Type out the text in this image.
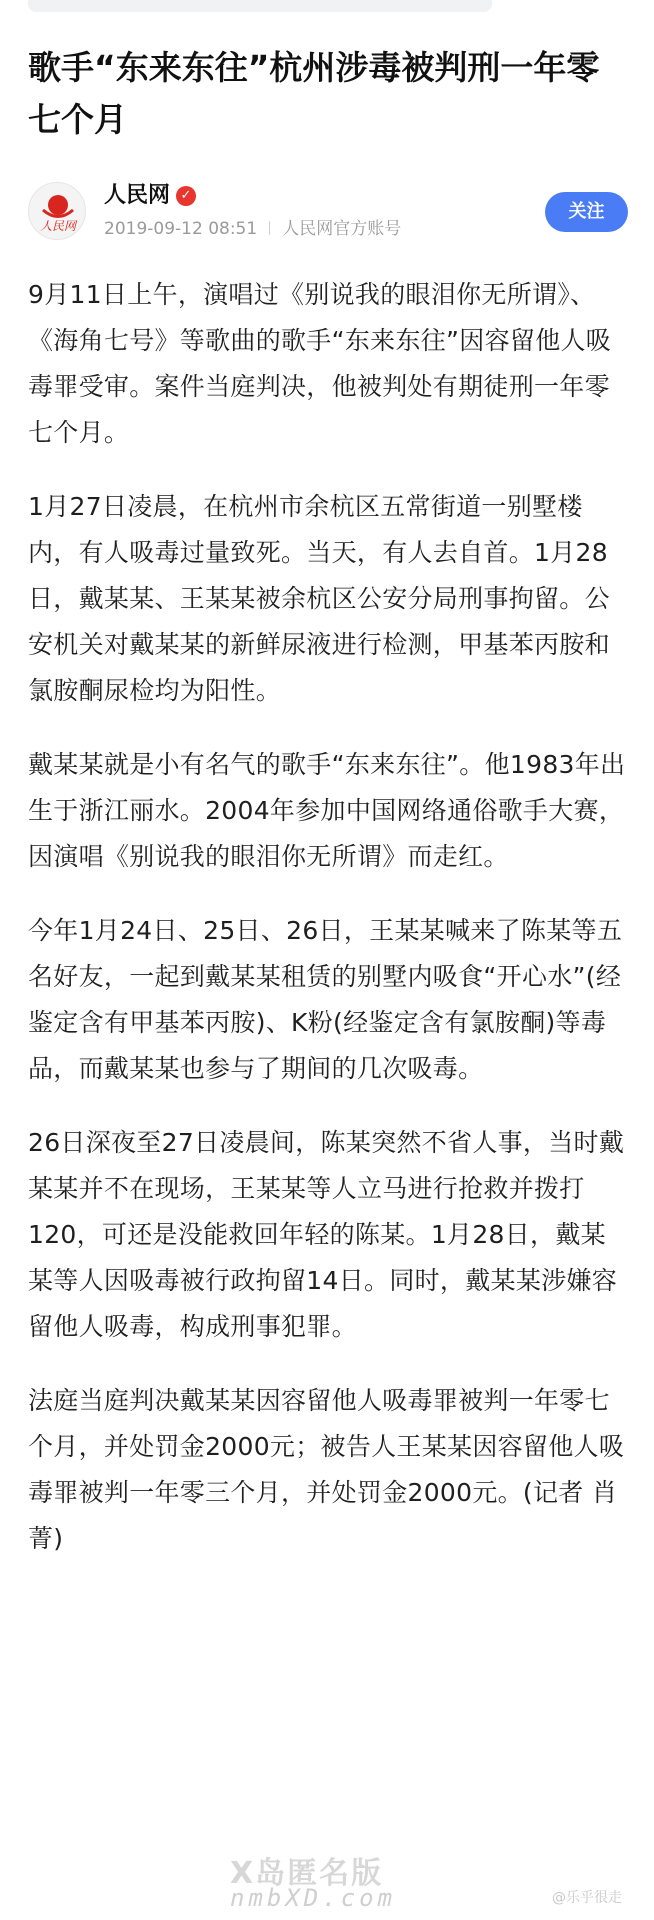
歌手“东来东往”杭州涉毒被判刑一年零七个月
人民网
人民网 ✓
2019-09-12 08:51 人民网官方账号
关注

9月11日上午，演唱过《别说我的眼泪你无所谓》、《海角七号》等歌曲的歌手“东来东往”因容留他人吸毒罪受审。案件当庭判决，他被判处有期徒刑一年零七个月。

1月27日凌晨，在杭州市余杭区五常街道一别墅楼内，有人吸毒过量致死。当天，有人去自首。1月28日，戴某某、王某某被余杭区公安分局刑事拘留。公安机关对戴某某的新鲜尿液进行检测，甲基苯丙胺和氯胺酮尿检均为阳性。

戴某某就是小有名气的歌手“东来东往”。他1983年出生于浙江丽水。2004年参加中国网络通俗歌手大赛，因演唱《别说我的眼泪你无所谓》而走红。

今年1月24日、25日、26日，王某某喊来了陈某等五名好友，一起到戴某某租赁的别墅内吸食“开心水”(经鉴定含有甲基苯丙胺)、K粉(经鉴定含有氯胺酮)等毒品，而戴某某也参与了期间的几次吸毒。

26日深夜至27日凌晨间，陈某突然不省人事，当时戴某某并不在现场，王某某等人立马进行抢救并拨打120，可还是没能救回年轻的陈某。1月28日，戴某某等人因吸毒被行政拘留14日。同时，戴某某涉嫌容留他人吸毒，构成刑事犯罪。

法庭当庭判决戴某某因容留他人吸毒罪被判一年零七个月，并处罚金2000元；被告人王某某因容留他人吸毒罪被判一年零三个月，并处罚金2000元。(记者 肖菁)

X岛匿名版
nmbXD.com	@乐乎很走
